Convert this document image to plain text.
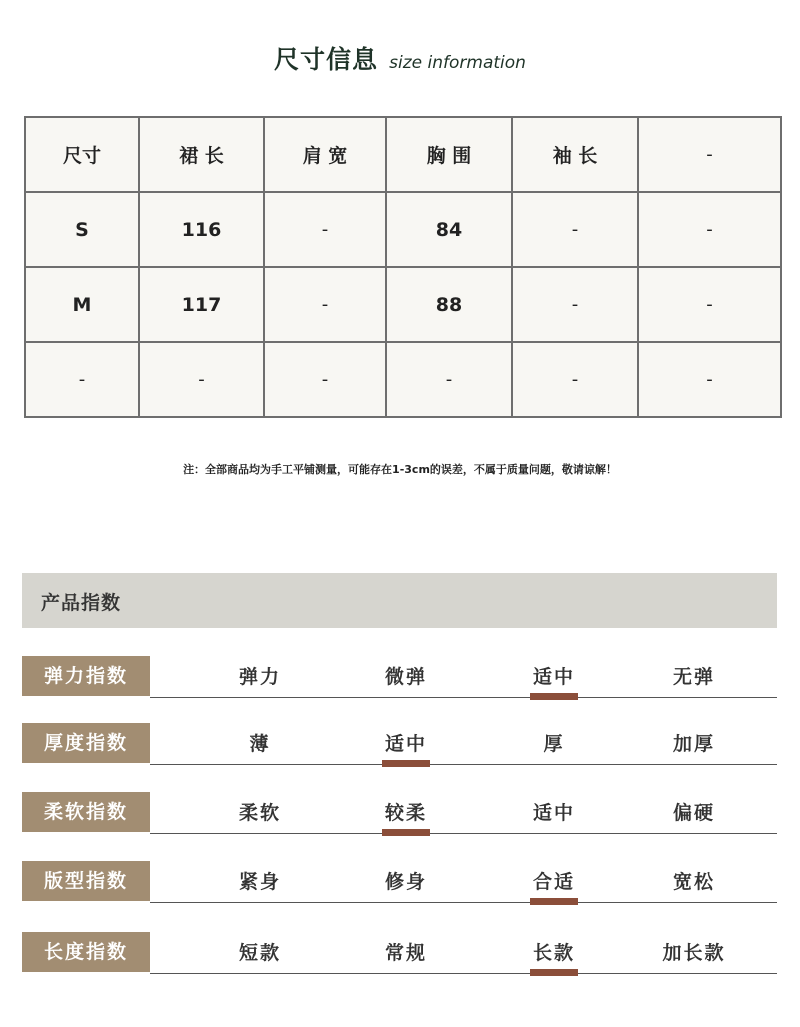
尺寸信息 size information
尺寸	裙 长	肩 宽	胸 围	袖 长	-
S	116	-	84	-	-
M	117	-	88	-	-
-	-	-	-	-	-
注：全部商品均为手工平铺测量，可能存在1-3cm的误差，不属于质量问题，敬请谅解！
产品指数
弹力指数	弹力	微弹	适中	无弹
厚度指数	薄	适中	厚	加厚
柔软指数	柔软	较柔	适中	偏硬
版型指数	紧身	修身	合适	宽松
长度指数	短款	常规	长款	加长款
